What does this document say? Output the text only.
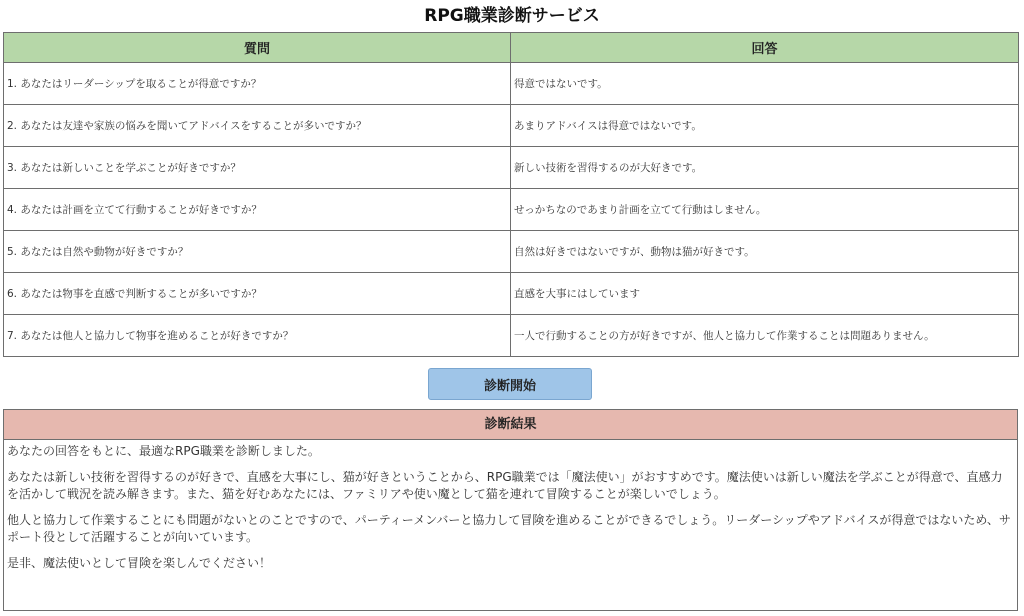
RPG職業診断サービス
質問	回答
1. あなたはリーダーシップを取ることが得意ですか？	得意ではないです。
2. あなたは友達や家族の悩みを聞いてアドバイスをすることが多いですか？	あまりアドバイスは得意ではないです。
3. あなたは新しいことを学ぶことが好きですか？	新しい技術を習得するのが大好きです。
4. あなたは計画を立てて行動することが好きですか？	せっかちなのであまり計画を立てて行動はしません。
5. あなたは自然や動物が好きですか？	自然は好きではないですが、動物は猫が好きです。
6. あなたは物事を直感で判断することが多いですか？	直感を大事にはしています
7. あなたは他人と協力して物事を進めることが好きですか？	一人で行動することの方が好きですが、他人と協力して作業することは問題ありません。
診断開始
診断結果

あなたの回答をもとに、最適なRPG職業を診断しました。

あなたは新しい技術を習得するのが好きで、直感を大事にし、猫が好きということから、RPG職業では「魔法使い」がおすすめです。魔法使いは新しい魔法を学ぶことが得意で、直感力を活かして戦況を読み解きます。また、猫を好むあなたには、ファミリアや使い魔として猫を連れて冒険することが楽しいでしょう。

他人と協力して作業することにも問題がないとのことですので、パーティーメンバーと協力して冒険を進めることができるでしょう。リーダーシップやアドバイスが得意ではないため、サポート役として活躍することが向いています。

是非、魔法使いとして冒険を楽しんでください！
